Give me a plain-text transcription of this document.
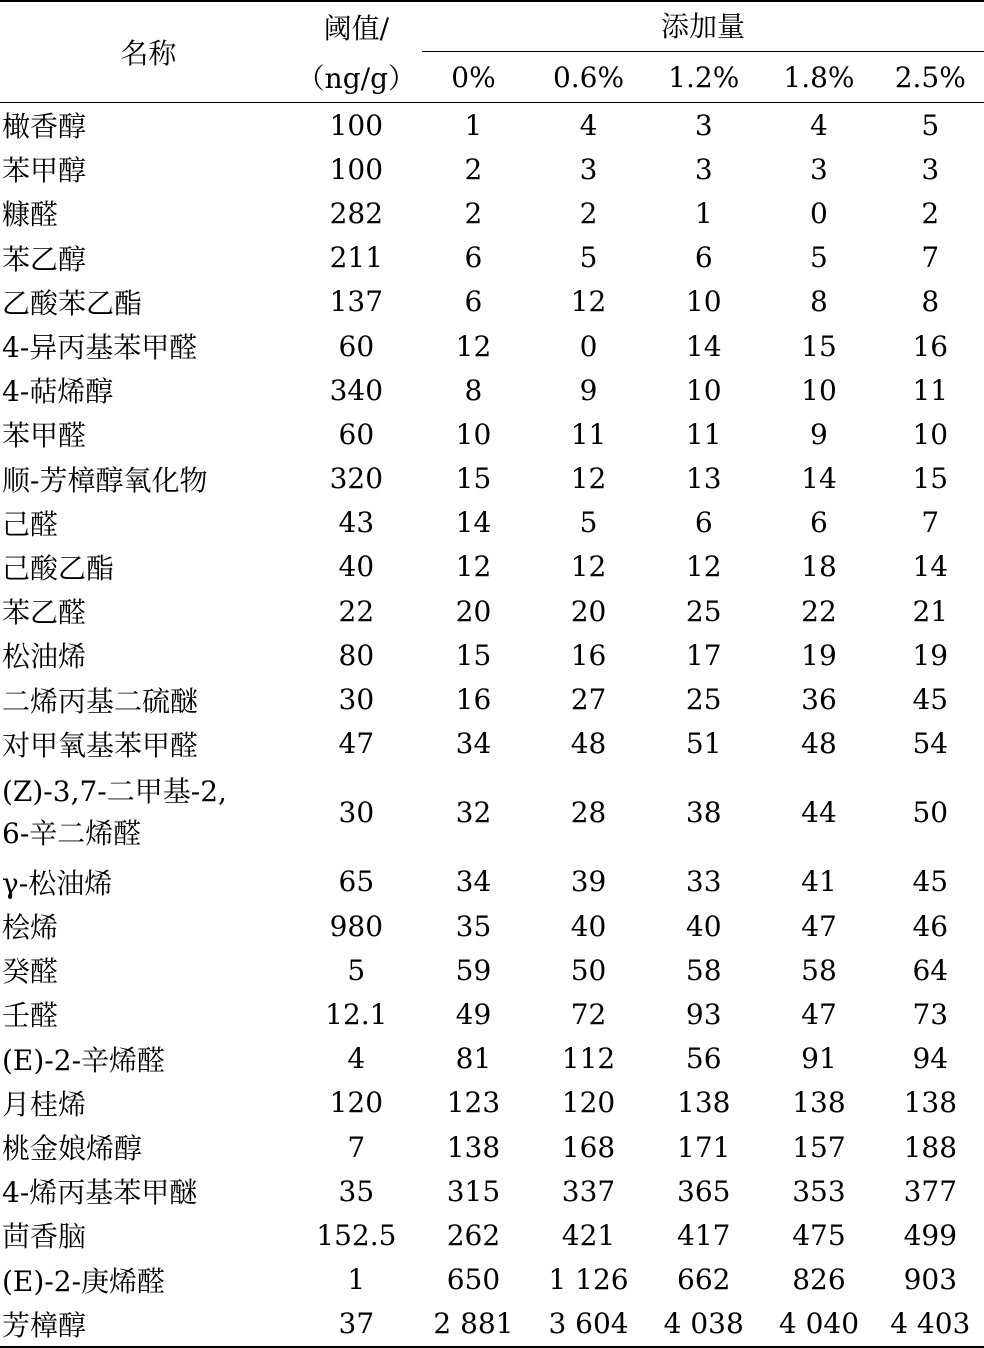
名称	阈值/	添加量				

	（ng/g）	0%	0.6%	1.2%	1.8%	2.5%
橄香醇	100	1	4	3	4	5
苯甲醇	100	2	3	3	3	3
糠醛	282	2	2	1	0	2
苯乙醇	211	6	5	6	5	7
乙酸苯乙酯	137	6	12	10	8	8
4-异丙基苯甲醛	60	12	0	14	15	16
4-萜烯醇	340	8	9	10	10	11
苯甲醛	60	10	11	11	9	10
顺-芳樟醇氧化物	320	15	12	13	14	15
己醛	43	14	5	6	6	7
己酸乙酯	40	12	12	12	18	14
苯乙醛	22	20	20	25	22	21
松油烯	80	15	16	17	19	19
二烯丙基二硫醚	30	16	27	25	36	45
对甲氧基苯甲醛	47	34	48	51	48	54

(Z)-3,7-二甲基-2,
6-辛二烯醛	30	32	28	38	44	50
γ-松油烯	65	34	39	33	41	45
桧烯	980	35	40	40	47	46
癸醛	5	59	50	58	58	64
壬醛	12.1	49	72	93	47	73
(E)-2-辛烯醛	4	81	112	56	91	94
月桂烯	120	123	120	138	138	138
桃金娘烯醇	7	138	168	171	157	188
4-烯丙基苯甲醚	35	315	337	365	353	377
茴香脑	152.5	262	421	417	475	499
(E)-2-庚烯醛	1	650	1 126	662	826	903
芳樟醇	37	2 881	3 604	4 038	4 040	4 403
